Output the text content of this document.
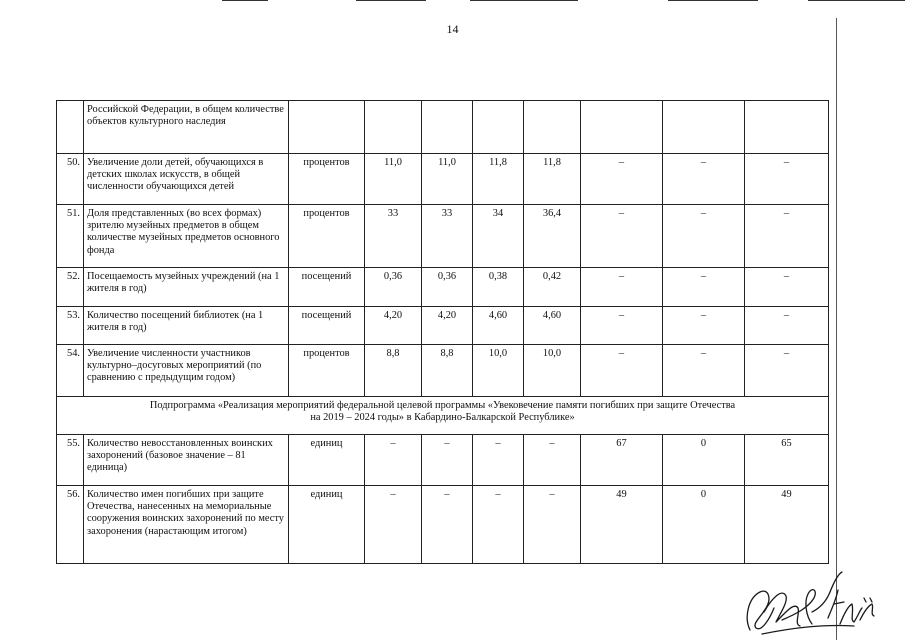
14
	Российской Федерации, в общем количестве объектов культурного наследия								
50.	Увеличение доли детей, обучающихся в детских школах искусств, в общей численности обучающихся детей	процентов	11,0	11,0	11,8	11,8	–	–	–
51.	Доля представленных (во всех формах) зрителю музейных предметов в общем количестве музейных предметов основного фонда	процентов	33	33	34	36,4	–	–	–
52.	Посещаемость музейных учреждений (на 1 жителя в год)	посещений	0,36	0,36	0,38	0,42	–	–	–
53.	Количество посещений библиотек (на 1 жителя в год)	посещений	4,20	4,20	4,60	4,60	–	–	–
54.	Увеличение численности участников культурно–досуговых мероприятий (по сравнению с предыдущим годом)	процентов	8,8	8,8	10,0	10,0	–	–	–
Подпрограмма «Реализация мероприятий федеральной целевой программы «Увековечение памяти погибших при защите Отечества
на 2019 – 2024 годы» в Кабардино-Балкарской Республике»									
55.	Количество невосстановленных воинских захоронений (базовое значение – 81 единица)	единиц	–	–	–	–	67	0	65
56.	Количество имен погибших при защите Отечества, нанесенных на мемориальные сооружения воинских захоронений по месту захоронения (нарастающим итогом)	единиц	–	–	–	–	49	0	49
